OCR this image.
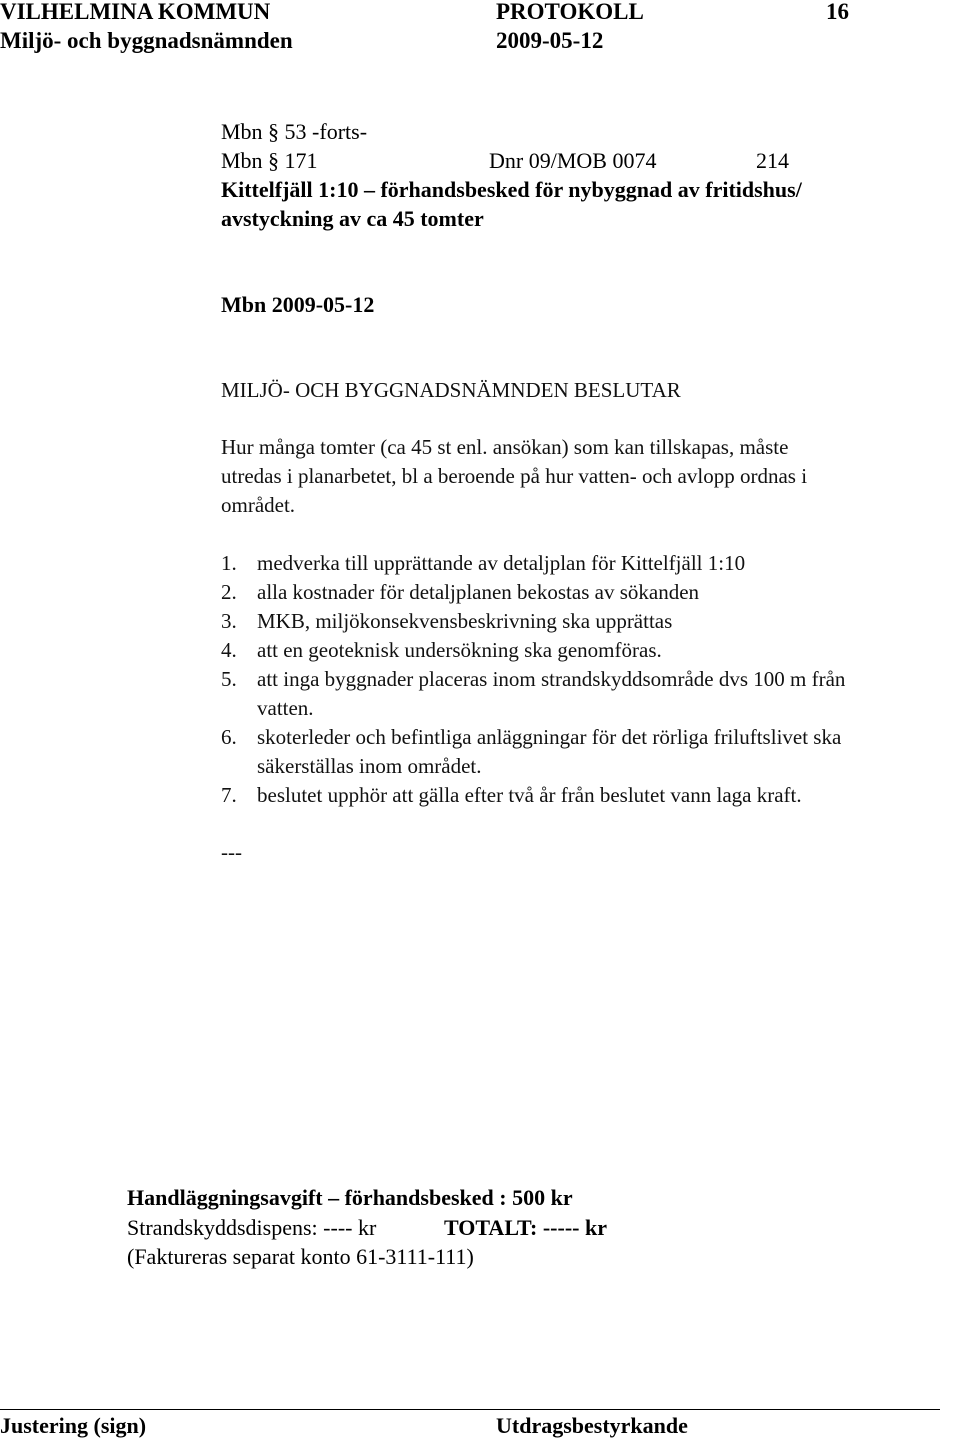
VILHELMINA KOMMUN	PROTOKOLL	16
Miljö- och byggnadsnämnden	2009-05-12
Mbn § 53 -forts-
Mbn § 171	Dnr 09/MOB 0074	214
Kittelfjäll 1:10 – förhandsbesked för nybyggnad av fritidshus/
avstyckning av ca 45 tomter
Mbn 2009-05-12
MILJÖ- OCH BYGGNADSNÄMNDEN BESLUTAR
Hur många tomter (ca 45 st enl. ansökan) som kan tillskapas, måste
utredas i planarbetet, bl a beroende på hur vatten- och avlopp ordnas i
området.
1. medverka till upprättande av detaljplan för Kittelfjäll 1:10
2. alla kostnader för detaljplanen bekostas av sökanden
3. MKB, miljökonsekvensbeskrivning ska upprättas
4. att en geoteknisk undersökning ska genomföras.
5. att inga byggnader placeras inom strandskyddsområde dvs 100 m från
vatten.
6. skoterleder och befintliga anläggningar för det rörliga friluftslivet ska
säkerställas inom området.
7. beslutet upphör att gälla efter två år från beslutet vann laga kraft.
---
Handläggningsavgift – förhandsbesked : 500 kr
Strandskyddsdispens: ---- kr	TOTALT: ----- kr
(Faktureras separat konto 61-3111-111)
Justering (sign)	Utdragsbestyrkande
